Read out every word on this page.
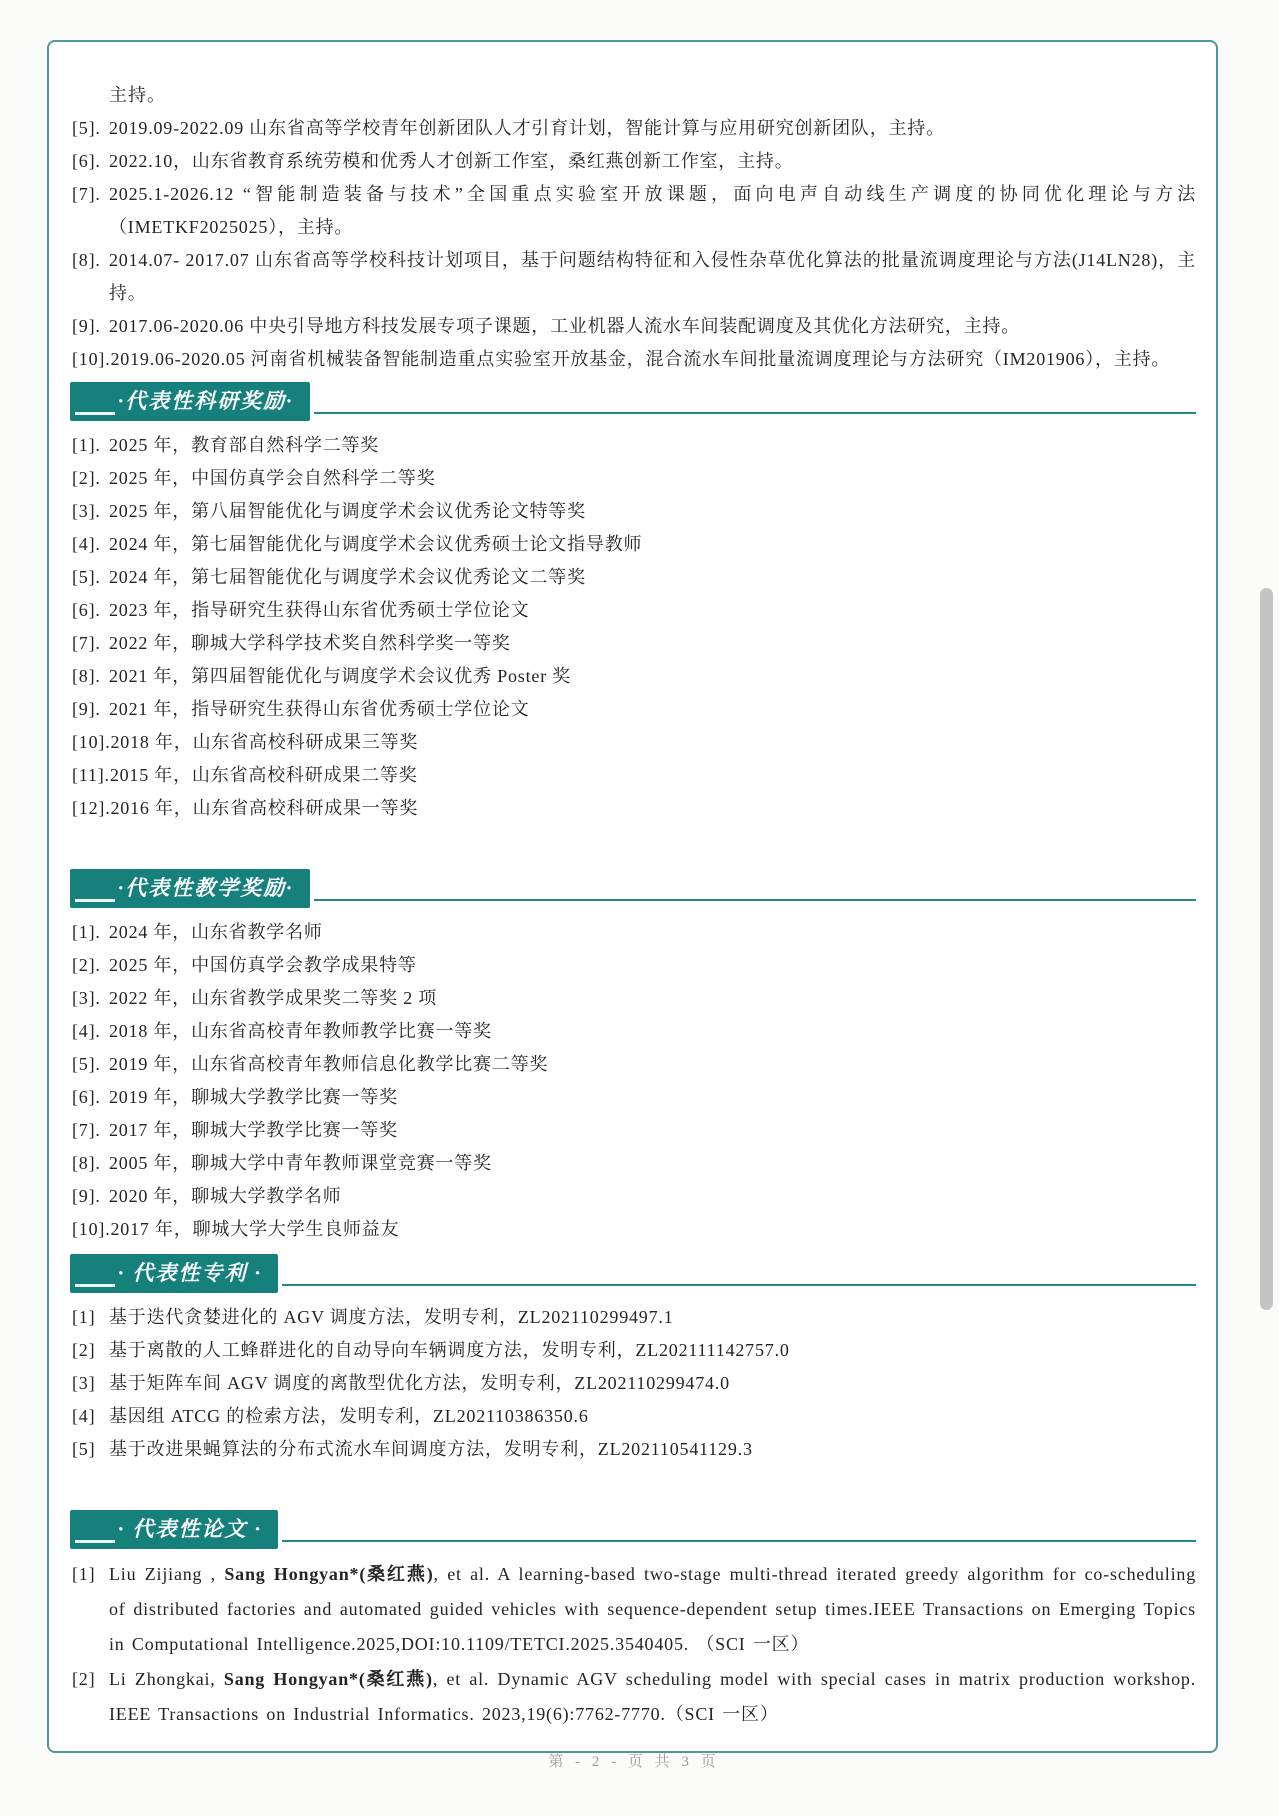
主持。
[5]. 2019.09-2022.09 山东省高等学校青年创新团队人才引育计划，智能计算与应用研究创新团队，主持。
[6]. 2022.10，山东省教育系统劳模和优秀人才创新工作室，桑红燕创新工作室，主持。
[7]. 2025.1-2026.12 “智能制造装备与技术”全国重点实验室开放课题，面向电声自动线生产调度的协同优化理论与方法（IMETKF2025025），主持。
[8]. 2014.07- 2017.07 山东省高等学校科技计划项目，基于问题结构特征和入侵性杂草优化算法的批量流调度理论与方法(J14LN28)，主持。
[9]. 2017.06-2020.06 中央引导地方科技发展专项子课题，工业机器人流水车间装配调度及其优化方法研究，主持。
[10]. 2019.06-2020.05 河南省机械装备智能制造重点实验室开放基金，混合流水车间批量流调度理论与方法研究（IM201906），主持。
·代表性科研奖励·
[1]. 2025 年，教育部自然科学二等奖
[2]. 2025 年，中国仿真学会自然科学二等奖
[3]. 2025 年，第八届智能优化与调度学术会议优秀论文特等奖
[4]. 2024 年，第七届智能优化与调度学术会议优秀硕士论文指导教师
[5]. 2024 年，第七届智能优化与调度学术会议优秀论文二等奖
[6]. 2023 年，指导研究生获得山东省优秀硕士学位论文
[7]. 2022 年，聊城大学科学技术奖自然科学奖一等奖
[8]. 2021 年，第四届智能优化与调度学术会议优秀 Poster 奖
[9]. 2021 年，指导研究生获得山东省优秀硕士学位论文
[10]. 2018 年，山东省高校科研成果三等奖
[11]. 2015 年，山东省高校科研成果二等奖
[12]. 2016 年，山东省高校科研成果一等奖
·代表性教学奖励·
[1]. 2024 年，山东省教学名师
[2]. 2025 年，中国仿真学会教学成果特等
[3]. 2022 年，山东省教学成果奖二等奖 2 项
[4]. 2018 年，山东省高校青年教师教学比赛一等奖
[5]. 2019 年，山东省高校青年教师信息化教学比赛二等奖
[6]. 2019 年，聊城大学教学比赛一等奖
[7]. 2017 年，聊城大学教学比赛一等奖
[8]. 2005 年，聊城大学中青年教师课堂竞赛一等奖
[9]. 2020 年，聊城大学教学名师
[10]. 2017 年，聊城大学大学生良师益友
· 代表性专利 ·
[1] 基于迭代贪婪进化的 AGV 调度方法，发明专利，ZL202110299497.1
[2] 基于离散的人工蜂群进化的自动导向车辆调度方法，发明专利，ZL202111142757.0
[3] 基于矩阵车间 AGV 调度的离散型优化方法，发明专利，ZL202110299474.0
[4] 基因组 ATCG 的检索方法，发明专利，ZL202110386350.6
[5] 基于改进果蝇算法的分布式流水车间调度方法，发明专利，ZL202110541129.3
· 代表性论文 ·
[1] Liu Zijiang , Sang Hongyan*(桑红燕), et al. A learning-based two-stage multi-thread iterated greedy algorithm for co-scheduling of distributed factories and automated guided vehicles with sequence-dependent setup times.IEEE Transactions on Emerging Topics in Computational Intelligence.2025,DOI:10.1109/TETCI.2025.3540405. （SCI 一区）
[2] Li Zhongkai, Sang Hongyan*(桑红燕), et al. Dynamic AGV scheduling model with special cases in matrix production workshop. IEEE Transactions on Industrial Informatics. 2023,19(6):7762-7770.（SCI 一区）
第 - 2 - 页 共 3 页
